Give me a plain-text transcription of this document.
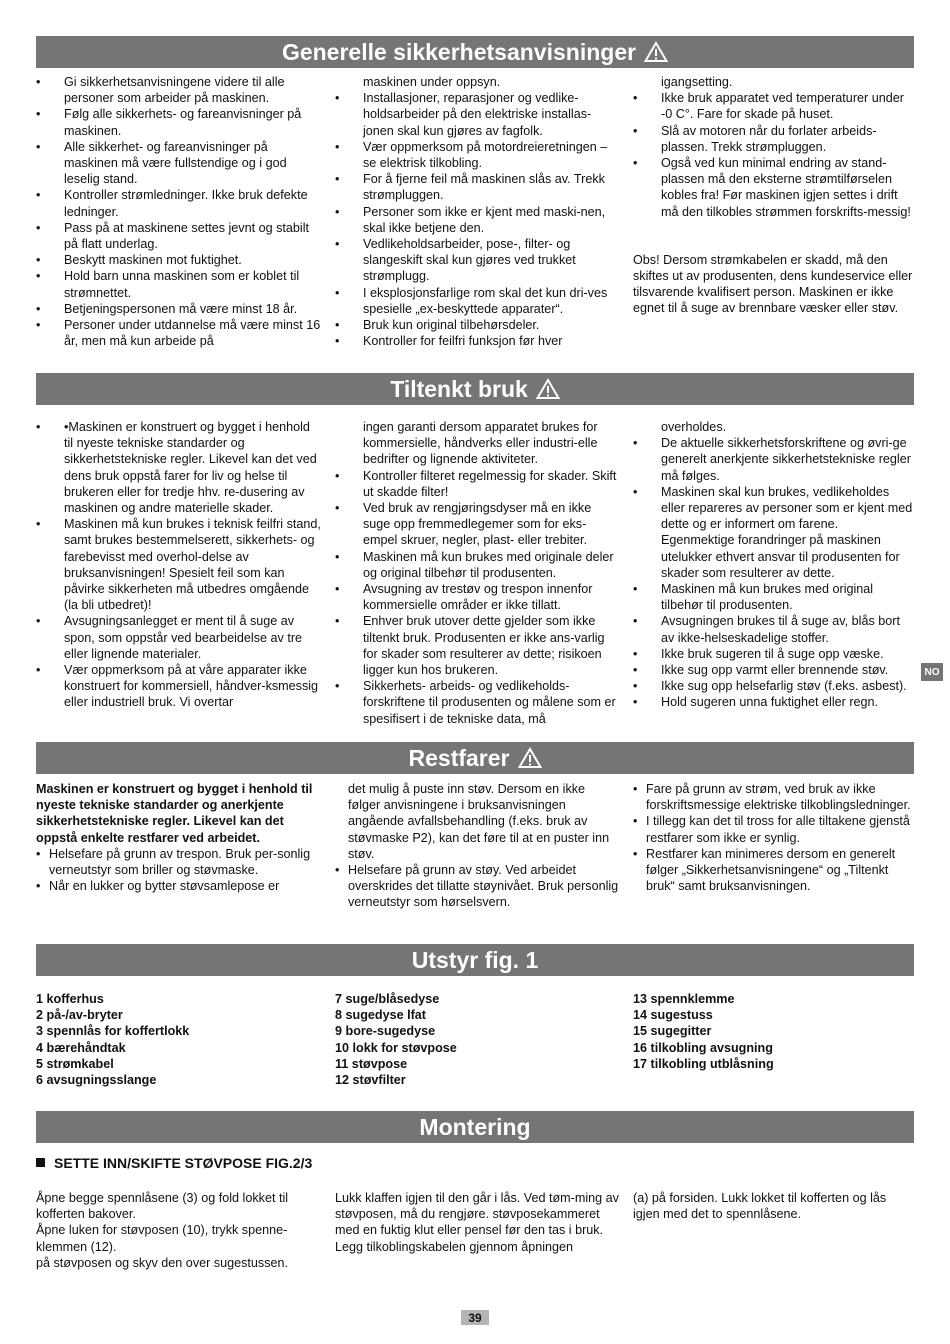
Generelle sikkerhetsanvisninger
• Gi sikkerhetsanvisningene videre til alle personer som arbeider på maskinen.
• Følg alle sikkerhets- og fareanvisninger på maskinen.
• Alle sikkerhet- og fareanvisninger på maskinen må være fullstendige og i god leselig stand.
• Kontroller strømledninger. Ikke bruk defekte ledninger.
• Pass på at maskinene settes jevnt og stabilt på flatt underlag.
• Beskytt maskinen mot fuktighet.
• Hold barn unna maskinen som er koblet til strømnettet.
• Betjeningspersonen må være minst 18 år.
• Personer under utdannelse må være minst 16 år, men må kun arbeide på
maskinen under oppsyn.
• Installasjoner, reparasjoner og vedlike-holdsarbeider på den elektriske installas-jonen skal kun gjøres av fagfolk.
• Vær oppmerksom på motordreieretningen – se elektrisk tilkobling.
• For å fjerne feil må maskinen slås av. Trekk strømpluggen.
• Personer som ikke er kjent med maski-nen, skal ikke betjene den.
• Vedlikeholdsarbeider, pose-, filter- og slangeskift skal kun gjøres ved trukket strømplugg.
• I eksplosjonsfarlige rom skal det kun dri-ves spesielle „ex-beskyttede apparater“.
• Bruk kun original tilbehørsdeler.
• Kontroller for feilfri funksjon før hver
igangsetting.
• Ikke bruk apparatet ved temperaturer under -0 C°. Fare for skade på huset.
• Slå av motoren når du forlater arbeids-plassen. Trekk strømpluggen.
• Også ved kun minimal endring av stand-plassen må den eksterne strømtilførselen kobles fra! Før maskinen igjen settes i drift må den tilkobles strømmen forskrifts-messig!

Obs! Dersom strømkabelen er skadd, må den skiftes ut av produsenten, dens kundeservice eller tilsvarende kvalifisert person. Maskinen er ikke egnet til å suge av brennbare væsker eller støv.

Tiltenkt bruk
• •Maskinen er konstruert og bygget i henhold til nyeste tekniske standarder og sikkerhetstekniske regler. Likevel kan det ved dens bruk oppstå farer for liv og helse til brukeren eller for tredje hhv. re-dusering av maskinen og andre materielle skader.
• Maskinen må kun brukes i teknisk feilfri stand, samt brukes bestemmelserett, sikkerhets- og farebevisst med overhol-delse av bruksanvisningen! Spesielt feil som kan påvirke sikkerheten må utbedres omgående (la bli utbedret)!
• Avsugningsanlegget er ment til å suge av spon, som oppstår ved bearbeidelse av tre eller lignende materialer.
• Vær oppmerksom på at våre apparater ikke konstruert for kommersiell, håndver-ksmessig eller industriell bruk. Vi overtar
ingen garanti dersom apparatet brukes for kommersielle, håndverks eller industri-elle bedrifter og lignende aktiviteter.
• Kontroller filteret regelmessig for skader. Skift ut skadde filter!
• Ved bruk av rengjøringsdyser må en ikke suge opp fremmedlegemer som for eks-empel skruer, negler, plast- eller trebiter.
• Maskinen må kun brukes med originale deler og original tilbehør til produsenten.
• Avsugning av trestøv og trespon innenfor kommersielle områder er ikke tillatt.
• Enhver bruk utover dette gjelder som ikke tiltenkt bruk. Produsenten er ikke ans-varlig for skader som resulterer av dette; risikoen ligger kun hos brukeren.
• Sikkerhets- arbeids- og vedlikeholds-forskriftene til produsenten og målene som er spesifisert i de tekniske data, må
overholdes.
• De aktuelle sikkerhetsforskriftene og øvri-ge generelt anerkjente sikkerhetstekniske regler må følges.
• Maskinen skal kun brukes, vedlikeholdes eller repareres av personer som er kjent med dette og er informert om farene. Egenmektige forandringer på maskinen utelukker ethvert ansvar til produsenten for skader som resulterer av dette.
• Maskinen må kun brukes med original tilbehør til produsenten.
• Avsugningen brukes til å suge av, blås bort av ikke-helseskadelige stoffer.
• Ikke bruk sugeren til å suge opp væske.
• Ikke sug opp varmt eller brennende støv.
• Ikke sug opp helsefarlig støv (f.eks. asbest).
• Hold sugeren unna fuktighet eller regn.
NO
Restfarer

Maskinen er konstruert og bygget i henhold til nyeste tekniske standarder og anerkjente sikkerhetstekniske regler. Likevel kan det oppstå enkelte restfarer ved arbeidet.

• Helsefare på grunn av trespon. Bruk per-sonlig verneutstyr som briller og støvmaske.
• Når en lukker og bytter støvsamlepose er
det mulig å puste inn støv. Dersom en ikke følger anvisningene i bruksanvisningen angående avfallsbehandling (f.eks. bruk av støvmaske P2), kan det føre til at en puster inn støv.
• Helsefare på grunn av støy. Ved arbeidet overskrides det tillatte støynivået. Bruk personlig verneutstyr som hørselsvern.
• Fare på grunn av strøm, ved bruk av ikke forskriftsmessige elektriske tilkoblingsledninger.
• I tillegg kan det til tross for alle tiltakene gjenstå restfarer som ikke er synlig.
• Restfarer kan minimeres dersom en generelt følger „Sikkerhetsanvisningene“ og „Tiltenkt bruk“ samt bruksanvisningen.
Utstyr fig. 1
1 kofferhus
2 på-/av-bryter
3 spennlås for koffertlokk
4 bærehåndtak
5 strømkabel
6 avsugningsslange
7 suge/blåsedyse
8 sugedyse lfat
9 bore-sugedyse
10 lokk for støvpose
11 støvpose
12 støvfilter
13 spennklemme
14 sugestuss
15 sugegitter
16 tilkobling avsugning
17 tilkobling utblåsning
Montering
SETTE INN/SKIFTE STØVPOSE FIG.2/3

Åpne begge spennlåsene (3) og fold lokket til kofferten bakover.

Åpne luken for støvposen (10), trykk spenne-klemmen (12).

på støvposen og skyv den over sugestussen.

Lukk klaffen igjen til den går i lås. Ved tøm-ming av støvposen, må du rengjøre. støvposekammeret med en fuktig klut eller pensel før den tas i bruk.

Legg tilkoblingskabelen gjennom åpningen

(a) på forsiden. Lukk lokket til kofferten og lås igjen med det to spennlåsene.

39
